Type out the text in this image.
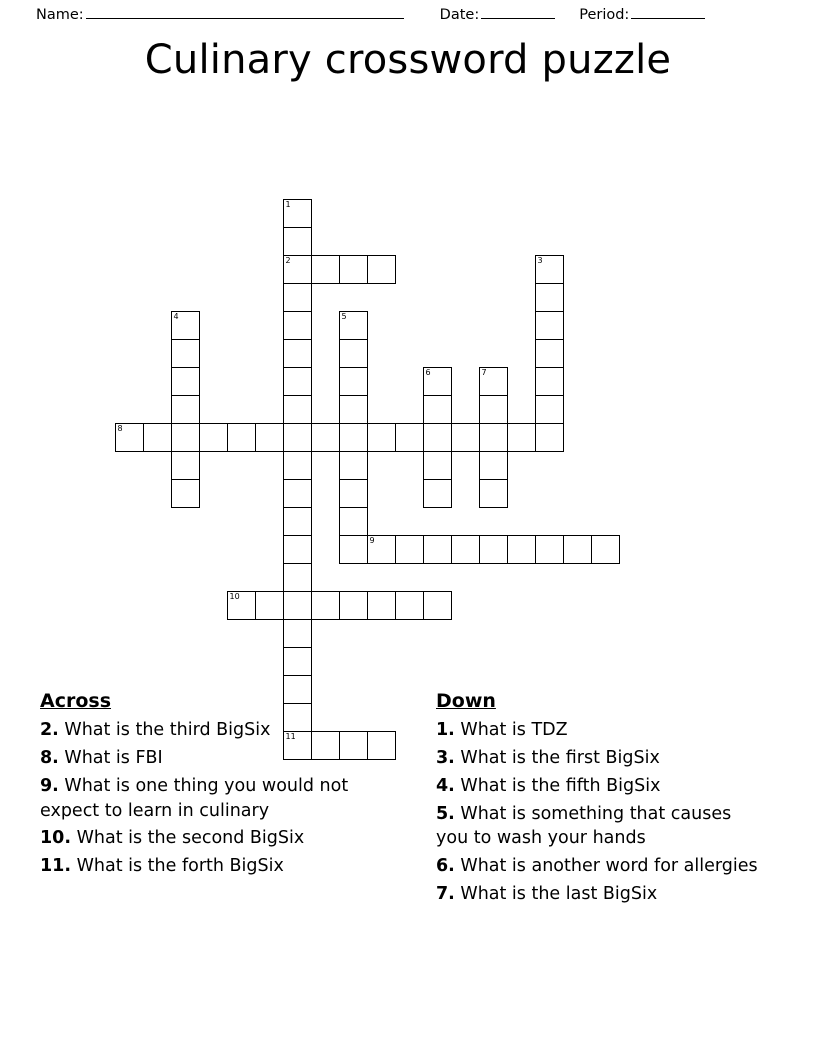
Name:	Date:	Period:
Culinary crossword puzzle
1
2	3
4	5
6	7
8
9
10
11
Across
2. What is the third BigSix
8. What is FBI
9. What is one thing you would not expect to learn in culinary
10. What is the second BigSix
11. What is the forth BigSix
Down
1. What is TDZ
3. What is the first BigSix
4. What is the fifth BigSix
5. What is something that causes you to wash your hands
6. What is another word for allergies
7. What is the last BigSix
